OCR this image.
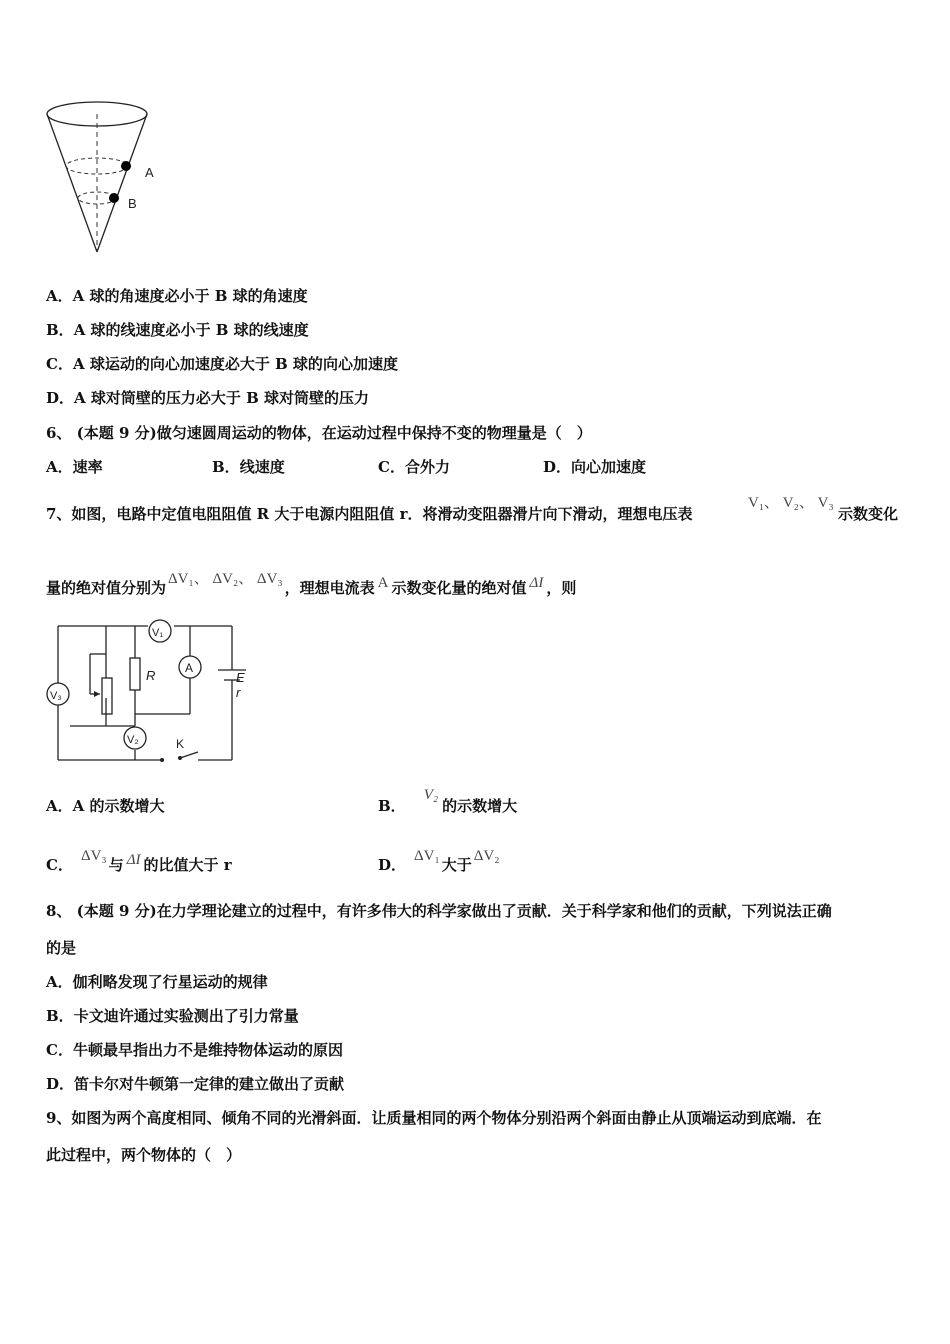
A
B
A．A 球的角速度必小于 B 球的角速度
B．A 球的线速度必小于 B 球的线速度
C．A 球运动的向心加速度必大于 B 球的向心加速度
D．A 球对筒壁的压力必大于 B 球对筒壁的压力
6、 (本题 9 分)做匀速圆周运动的物体，在运动过程中保持不变的物理量是（　）
A．速率	B．线速度	C．合外力	D．向心加速度
7、如图，电路中定值电阻阻值 R 大于电源内阻阻值 r．将滑动变阻器滑片向下滑动，理想电压表
V₁、 V₂、 V₃
示数变化
量的绝对值分别为 ΔV₁、 ΔV₂、 ΔV₃ ，理想电流表 A 示数变化量的绝对值 ΔI ，则
V₁
A
V₃
V₂
R	E
r
K
A．A 的示数增大	B．V₂的示数增大
C． ΔV₃ 与 ΔI 的比值大于 r	D． ΔV₁ 大于 ΔV₂
8、 (本题 9 分)在力学理论建立的过程中，有许多伟大的科学家做出了贡献．关于科学家和他们的贡献，下列说法正确
的是
A．伽利略发现了行星运动的规律
B．卡文迪许通过实验测出了引力常量
C．牛顿最早指出力不是维持物体运动的原因
D．笛卡尔对牛顿第一定律的建立做出了贡献
9、如图为两个高度相同、倾角不同的光滑斜面．让质量相同的两个物体分别沿两个斜面由静止从顶端运动到底端．在
此过程中，两个物体的（　）
